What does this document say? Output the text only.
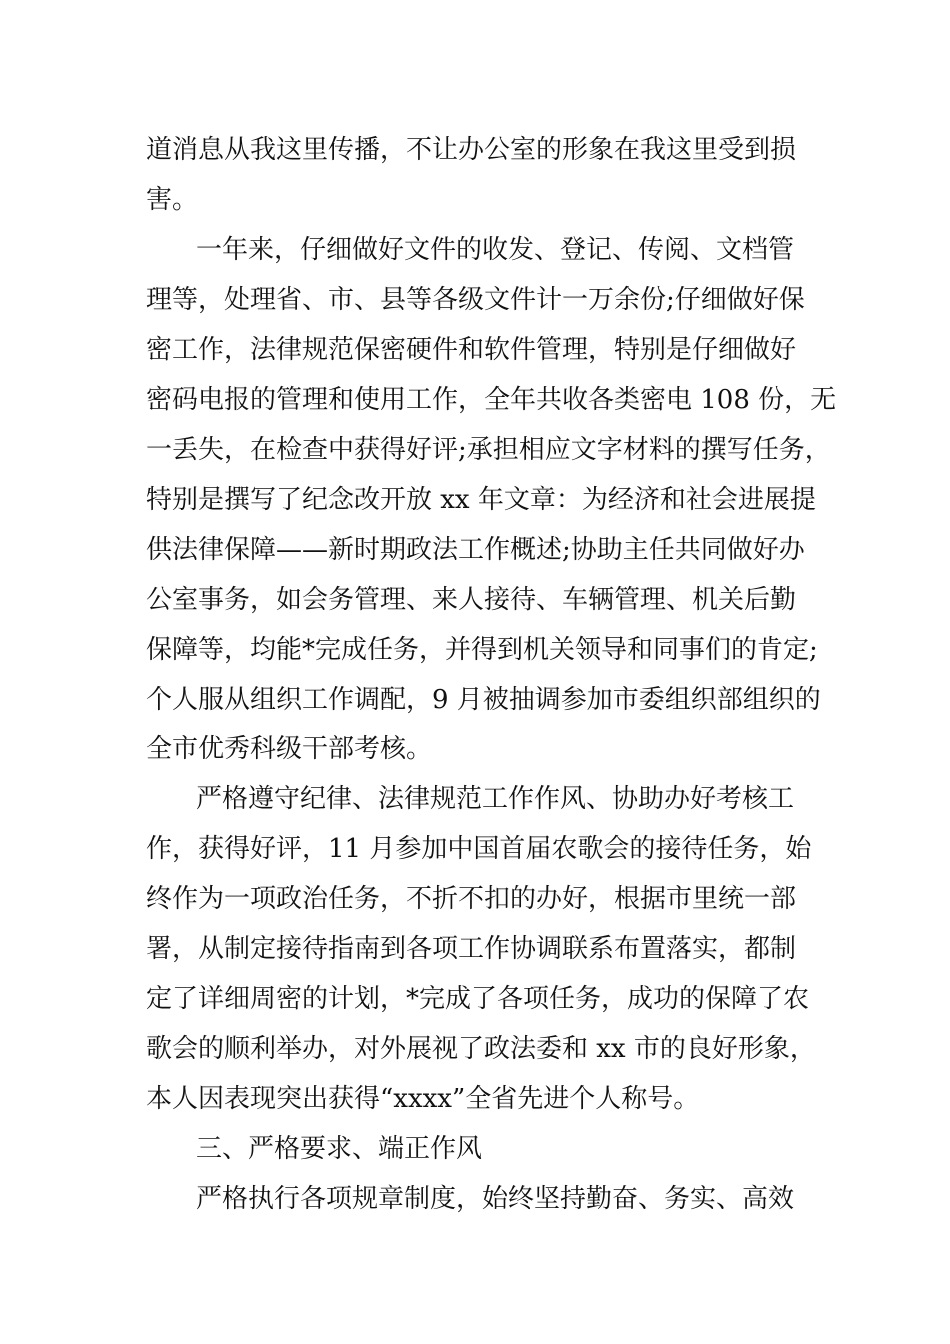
道消息从我这里传播，不让办公室的形象在我这里受到损
害。
一年来，仔细做好文件的收发、登记、传阅、文档管
理等，处理省、市、县等各级文件计一万余份;仔细做好保
密工作，法律规范保密硬件和软件管理，特别是仔细做好
密码电报的管理和使用工作，全年共收各类密电 108 份，无
一丢失，在检查中获得好评;承担相应文字材料的撰写任务，
特别是撰写了纪念改开放 xx 年文章：为经济和社会进展提
供法律保障——新时期政法工作概述;协助主任共同做好办
公室事务，如会务管理、来人接待、车辆管理、机关后勤
保障等，均能*完成任务，并得到机关领导和同事们的肯定;
个人服从组织工作调配，9 月被抽调参加市委组织部组织的
全市优秀科级干部考核。
严格遵守纪律、法律规范工作作风、协助办好考核工
作，获得好评，11 月参加中国首届农歌会的接待任务，始
终作为一项政治任务，不折不扣的办好，根据市里统一部
署，从制定接待指南到各项工作协调联系布置落实，都制
定了详细周密的计划，*完成了各项任务，成功的保障了农
歌会的顺利举办，对外展视了政法委和 xx 市的良好形象，
本人因表现突出获得“xxxx”全省先进个人称号。
三、严格要求、端正作风
严格执行各项规章制度，始终坚持勤奋、务实、高效
